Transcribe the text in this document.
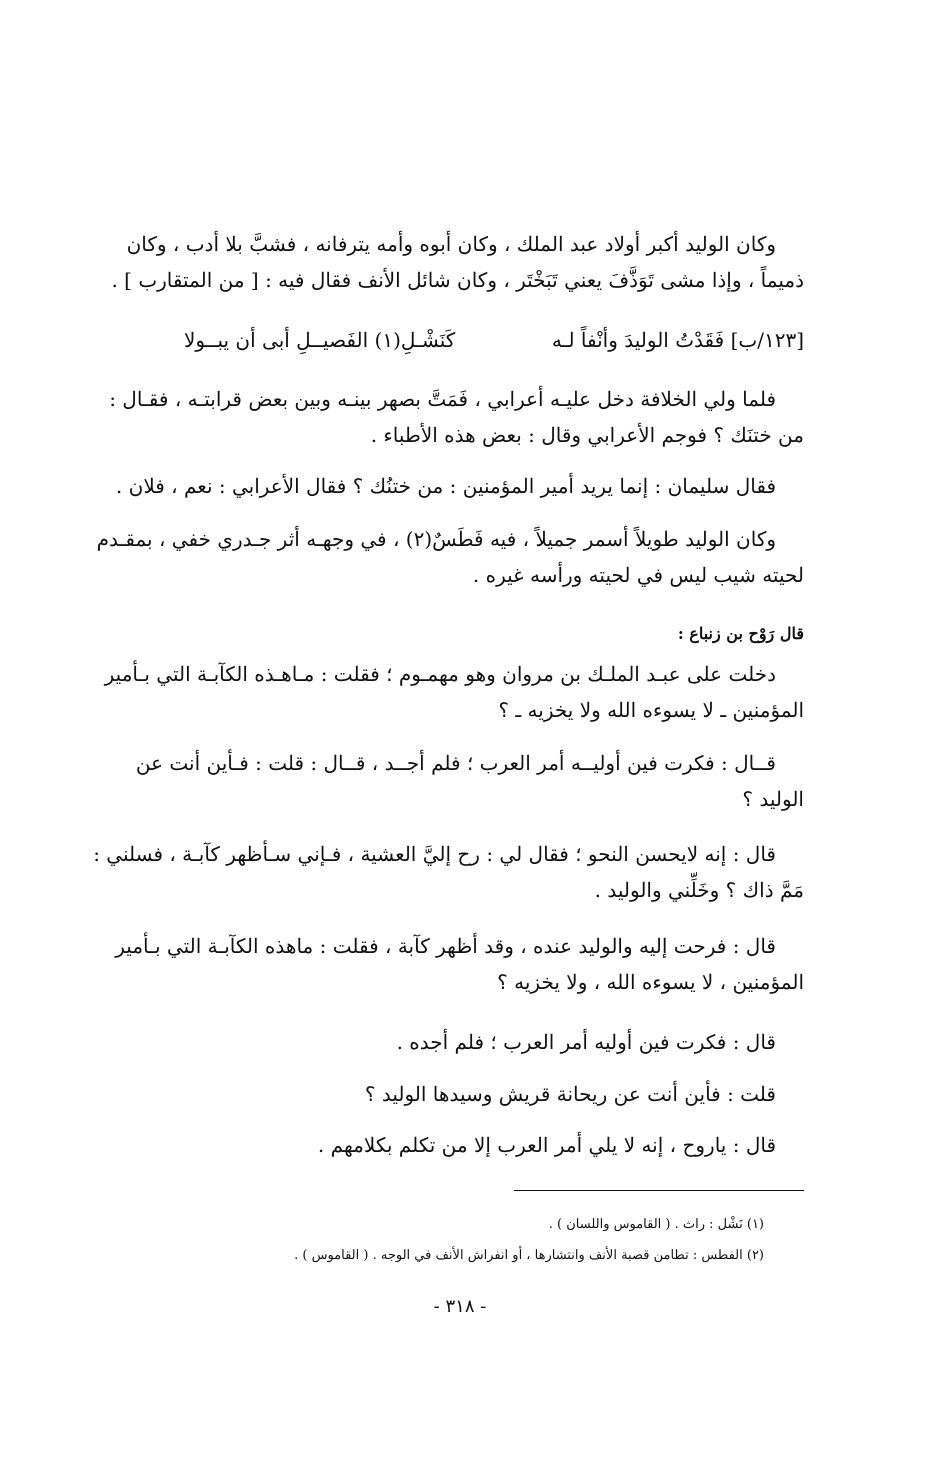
وكان الوليد أكبر أولاد عبد الملك ، وكان أبوه وأمه يترفانه ، فشبَّ بلا أدب ، وكان
ذميماً ، وإذا مشى تَوَذَّفَ يعني تَبَخْتَر ، وكان شائل الأنف فقال فيه : [ من المتقارب ] .
[١٢٣/ب] فَقَدْتُ الوليدَ وأنْفاً لـه
كَنَشْـلِ(١) الفَصيــلِ أبى أن يبــولا
فلما ولي الخلافة دخل عليـه أعرابي ، فَمَتَّ بصهر بينـه وبين بعض قرابتـه ، فقـال :
من ختنَك ؟ فوجم الأعرابي وقال : بعض هذه الأطباء .
فقال سليمان : إنما يريد أمير المؤمنين : من ختنُك ؟ فقال الأعرابي : نعم ، فلان .
وكان الوليد طويلاً أسمر جميلاً ، فيه فَطَسٌ(٢) ، في وجهـه أثر جـدري خفي ، بمقـدم
لحيته شيب ليس في لحيته ورأسه غيره .
قال رَوْح بن زنباع :
دخلت على عبـد الملـك بن مروان وهو مهمـوم ؛ فقلت : مـاهـذه الكآبـة التي بـأمير
المؤمنين ـ لا يسوءه الله ولا يخزيه ـ ؟
قــال : فكرت فين أوليــه أمر العرب ؛ فلم أجــد ، قــال : قلت : فـأين أنت عن
الوليد ؟
قال : إنه لايحسن النحو ؛ فقال لي : رح إليَّ العشية ، فـإني سـأظهر كآبـة ، فسلني :
مَمَّ ذاك ؟ وخَلِّني والوليد .
قال : فرحت إليه والوليد عنده ، وقد أظهر كآبة ، فقلت : ماهذه الكآبـة التي بـأمير
المؤمنين ، لا يسوءه الله ، ولا يخزيه ؟
قال : فكرت فين أوليه أمر العرب ؛ فلم أجده .
قلت : فأين أنت عن ريحانة قريش وسيدها الوليد ؟
قال : ياروح ، إنه لا يلي أمر العرب إلا من تكلم بكلامهم .
(١) نَشْل : راث . ( القاموس واللسان ) .
(٢) الفطس : تطامن قصبة الأنف وانتشارها ، أو انفراش الأنف في الوجه . ( القاموس ) .
- ٣١٨ -
